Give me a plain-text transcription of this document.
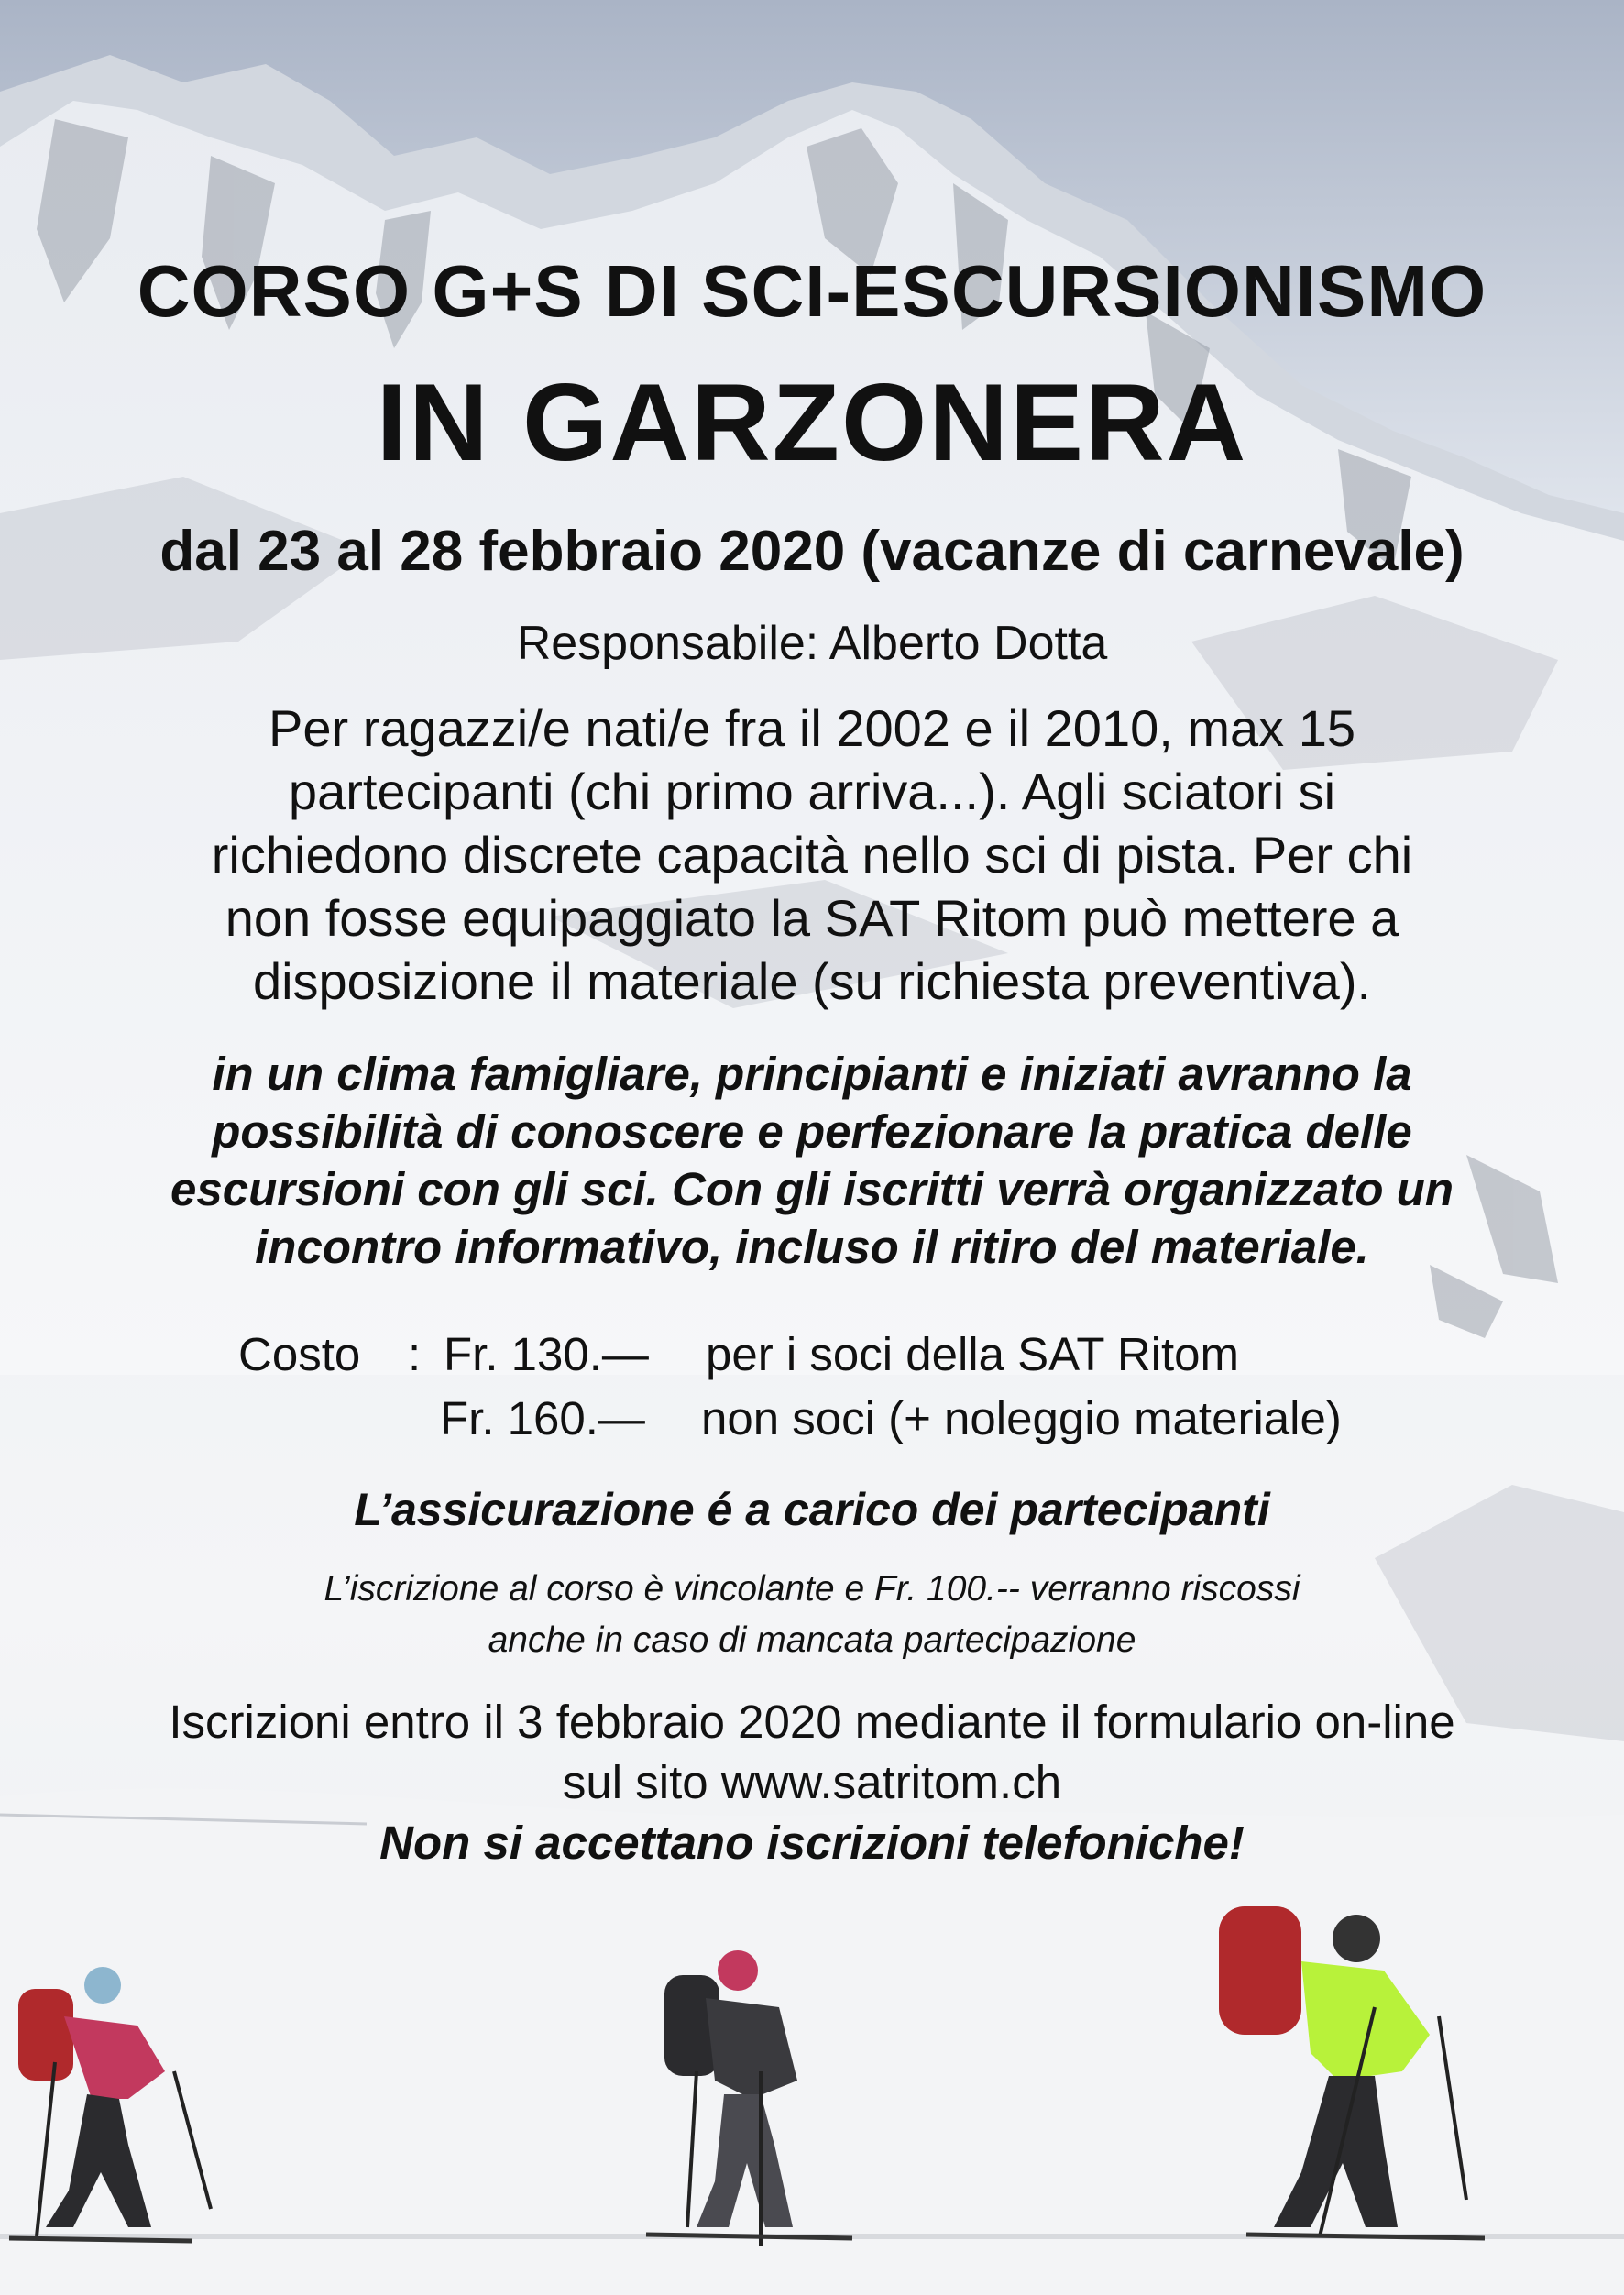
CORSO G+S DI SCI-ESCURSIONISMO
IN GARZONERA
dal 23 al 28 febbraio 2020 (vacanze di carnevale)
Responsabile: Alberto Dotta
Per ragazzi/e nati/e fra il 2002 e il 2010, max 15
partecipanti (chi primo arriva...). Agli sciatori si
richiedono discrete capacità nello sci di pista. Per chi
non fosse equipaggiato la SAT Ritom può mettere a
disposizione il materiale (su richiesta preventiva).
in un clima famigliare, principianti e iniziati avranno la
possibilità di conoscere e perfezionare la pratica delle
escursioni con gli sci. Con gli iscritti verrà organizzato un
incontro informativo, incluso il ritiro del materiale.
Costo : Fr. 130.— per i soci della SAT Ritom
Fr. 160.— non soci (+ noleggio materiale)
L’assicurazione é a carico dei partecipanti
L’iscrizione al corso è vincolante e Fr. 100.-- verranno riscossi
anche in caso di mancata partecipazione
Iscrizioni entro il 3 febbraio 2020 mediante il formulario on-line
sul sito www.satritom.ch
Non si accettano iscrizioni telefoniche!
